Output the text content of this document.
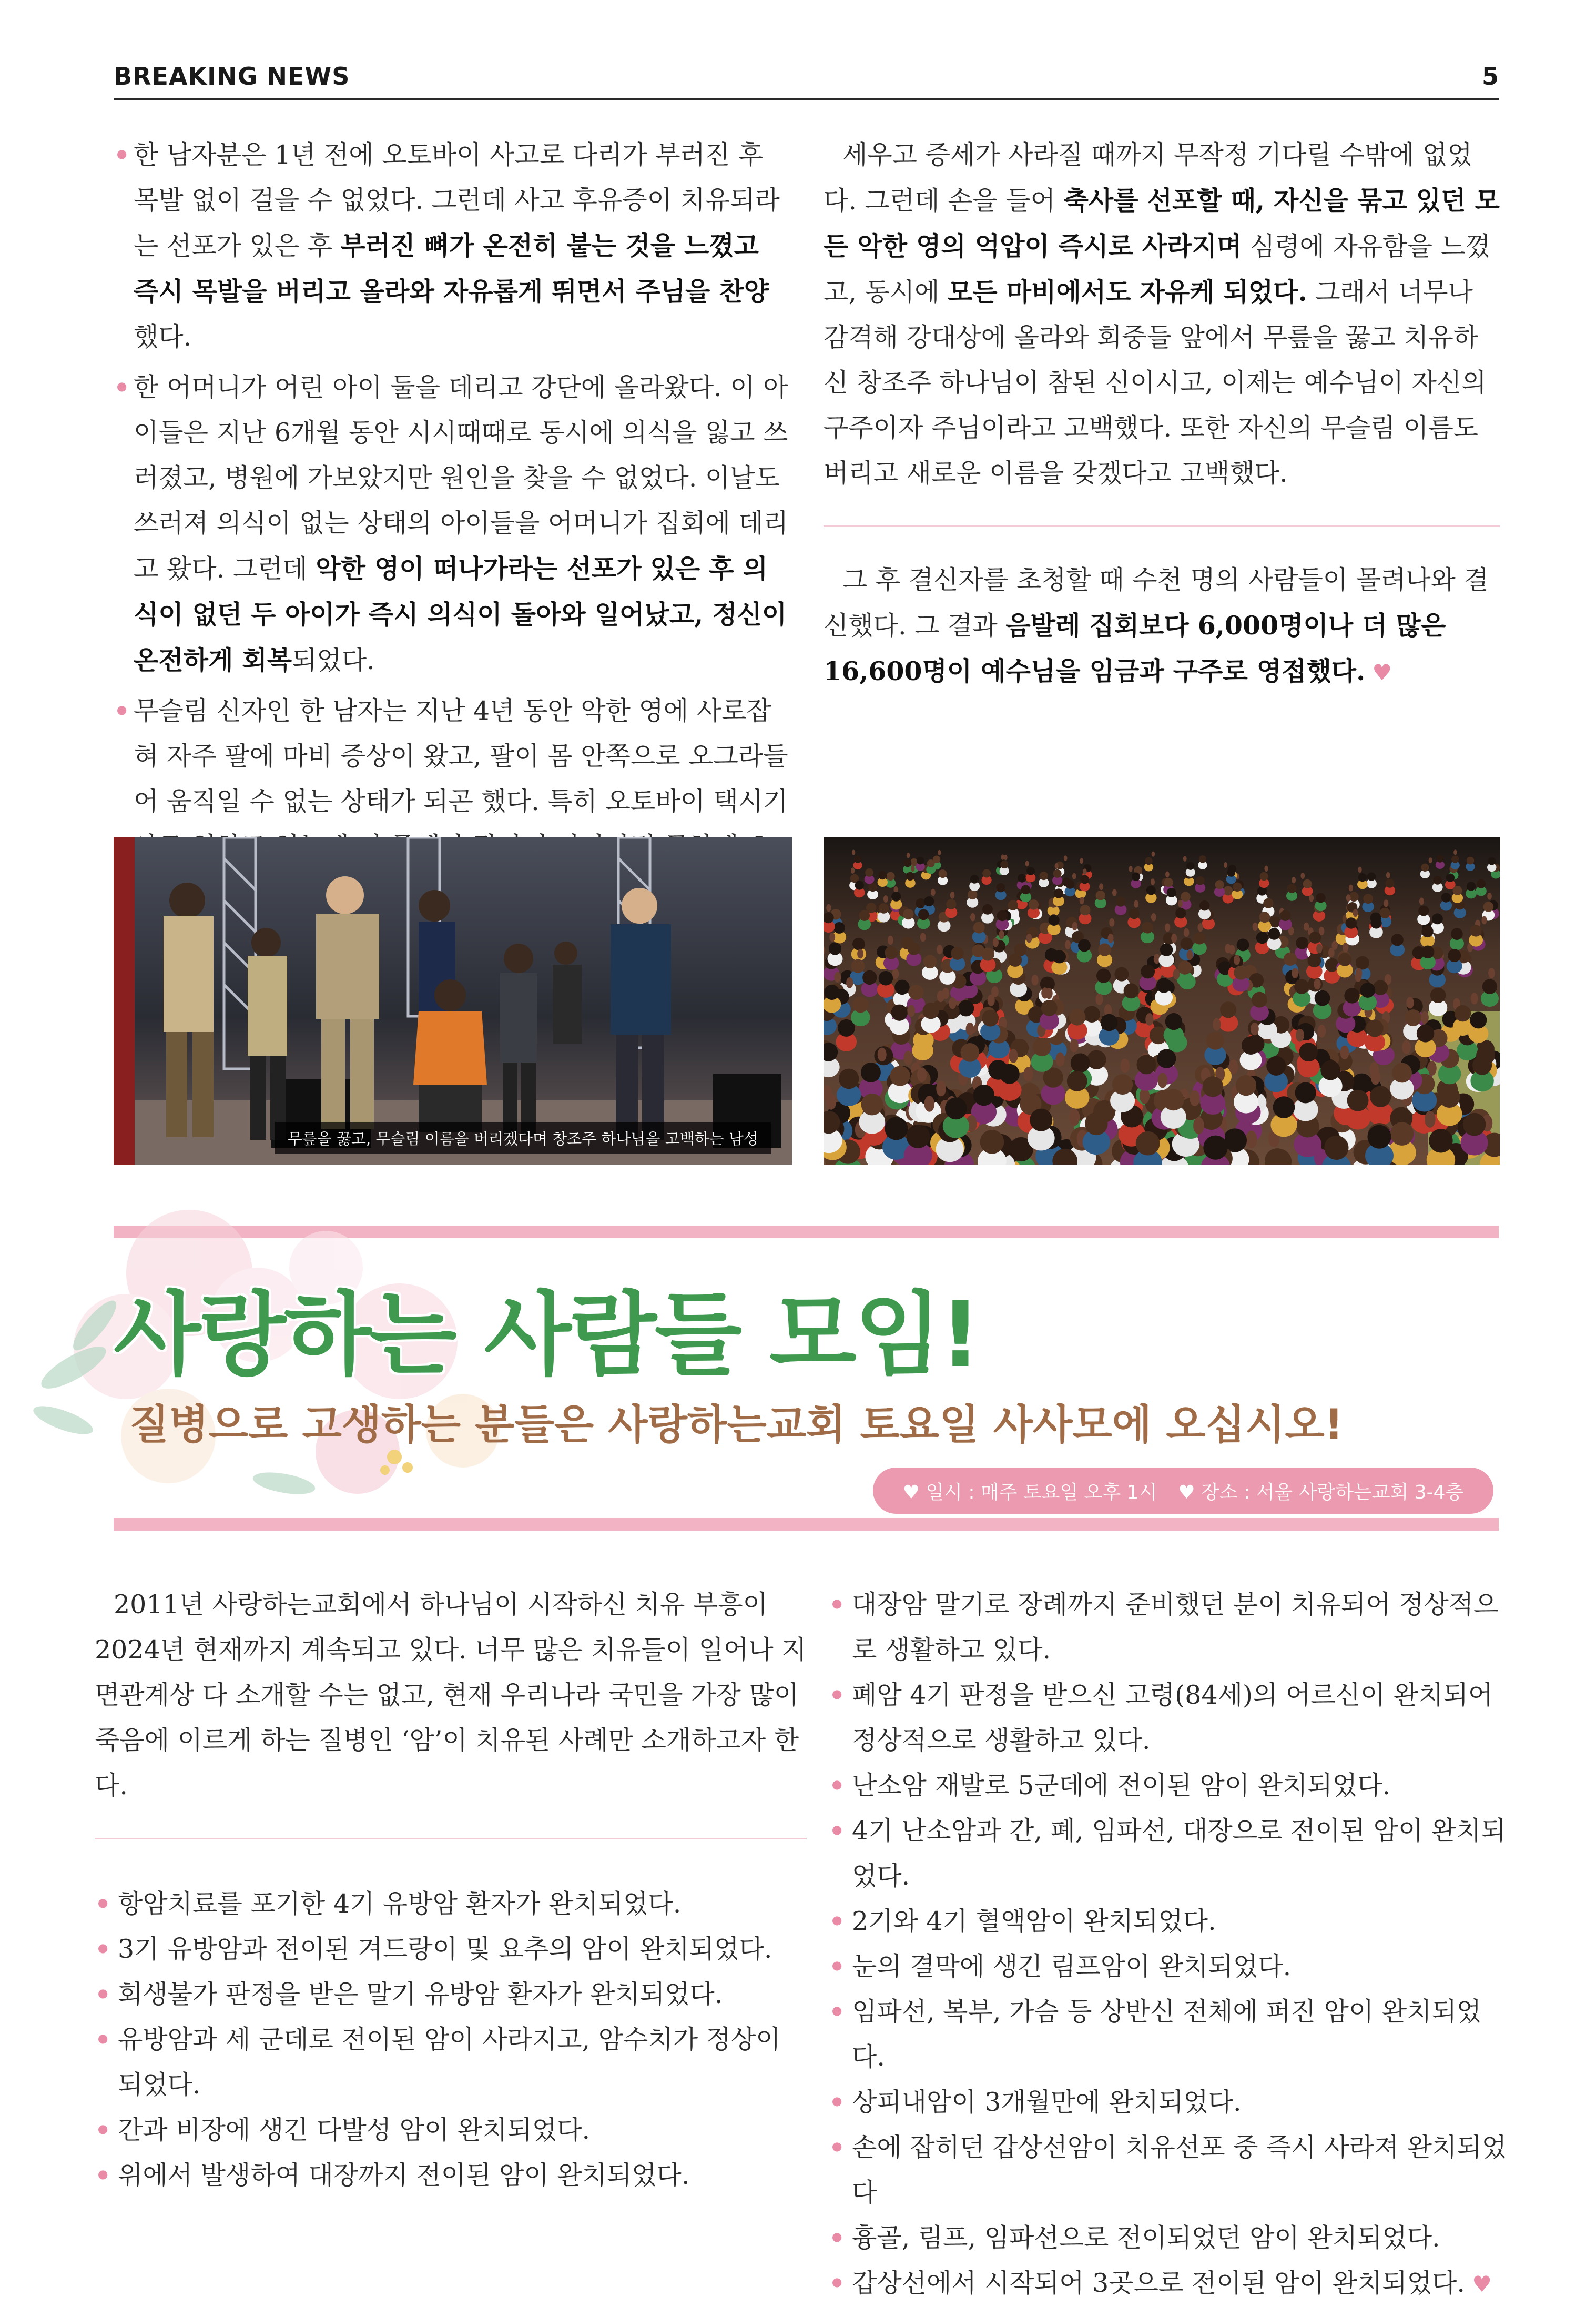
BREAKING NEWS	5
• 한 남자분은 1년 전에 오토바이 사고로 다리가 부러진 후 목발 없이 걸을 수 없었다. 그런데 사고 후유증이 치유되라는 선포가 있은 후 부러진 뼈가 온전히 붙는 것을 느꼈고 즉시 목발을 버리고 올라와 자유롭게 뛰면서 주님을 찬양했다.
• 한 어머니가 어린 아이 둘을 데리고 강단에 올라왔다. 이 아이들은 지난 6개월 동안 시시때때로 동시에 의식을 잃고 쓰러졌고, 병원에 가보았지만 원인을 찾을 수 없었다. 이날도 쓰러져 의식이 없는 상태의 아이들을 어머니가 집회에 데리고 왔다. 그런데 악한 영이 떠나가라는 선포가 있은 후 의식이 없던 두 아이가 즉시 의식이 돌아와 일어났고, 정신이 온전하게 회복되었다.
• 무슬림 신자인 한 남자는 지난 4년 동안 악한 영에 사로잡혀 자주 팔에 마비 증상이 왔고, 팔이 몸 안쪽으로 오그라들어 움직일 수 없는 상태가 되곤 했다. 특히 오토바이 택시기
세우고 증세가 사라질 때까지 무작정 기다릴 수밖에 없었다. 그런데 손을 들어 축사를 선포할 때, 자신을 묶고 있던 모든 악한 영의 억압이 즉시로 사라지며 심령에 자유함을 느꼈고, 동시에 모든 마비에서도 자유케 되었다. 그래서 너무나 감격해 강대상에 올라와 회중들 앞에서 무릎을 꿇고 치유하신 창조주 하나님이 참된 신이시고, 이제는 예수님이 자신의 구주이자 주님이라고 고백했다. 또한 자신의 무슬림 이름도 버리고 새로운 이름을 갖겠다고 고백했다.
그 후 결신자를 초청할 때 수천 명의 사람들이 몰려나와 결신했다. 그 결과 음발레 집회보다 6,000명이나 더 많은 16,600명이 예수님을 임금과 구주로 영접했다. ♥
무릎을 꿇고, 무슬림 이름을 버리겠다며 창조주 하나님을 고백하는 남성
사랑하는 사람들 모임!
질병으로 고생하는 분들은 사랑하는교회 토요일 사사모에 오십시오!
♥ 일시 : 매주 토요일 오후 1시 ♥ 장소 : 서울 사랑하는교회 3-4층
2011년 사랑하는교회에서 하나님이 시작하신 치유 부흥이 2024년 현재까지 계속되고 있다. 너무 많은 치유들이 일어나 지면관계상 다 소개할 수는 없고, 현재 우리나라 국민을 가장 많이 죽음에 이르게 하는 질병인 ‘암’이 치유된 사례만 소개하고자 한다.
• 항암치료를 포기한 4기 유방암 환자가 완치되었다.
• 3기 유방암과 전이된 겨드랑이 및 요추의 암이 완치되었다.
• 회생불가 판정을 받은 말기 유방암 환자가 완치되었다.
• 유방암과 세 군데로 전이된 암이 사라지고, 암수치가 정상이 되었다.
• 간과 비장에 생긴 다발성 암이 완치되었다.
• 위에서 발생하여 대장까지 전이된 암이 완치되었다.
• 대장암 말기로 장례까지 준비했던 분이 치유되어 정상적으로 생활하고 있다.
• 폐암 4기 판정을 받으신 고령(84세)의 어르신이 완치되어 정상적으로 생활하고 있다.
• 난소암 재발로 5군데에 전이된 암이 완치되었다.
• 4기 난소암과 간, 폐, 임파선, 대장으로 전이된 암이 완치되었다.
• 2기와 4기 혈액암이 완치되었다.
• 눈의 결막에 생긴 림프암이 완치되었다.
• 임파선, 복부, 가슴 등 상반신 전체에 퍼진 암이 완치되었다.
• 상피내암이 3개월만에 완치되었다.
• 손에 잡히던 갑상선암이 치유선포 중 즉시 사라져 완치되었다
• 흉골, 림프, 임파선으로 전이되었던 암이 완치되었다.
• 갑상선에서 시작되어 3곳으로 전이된 암이 완치되었다. ♥
